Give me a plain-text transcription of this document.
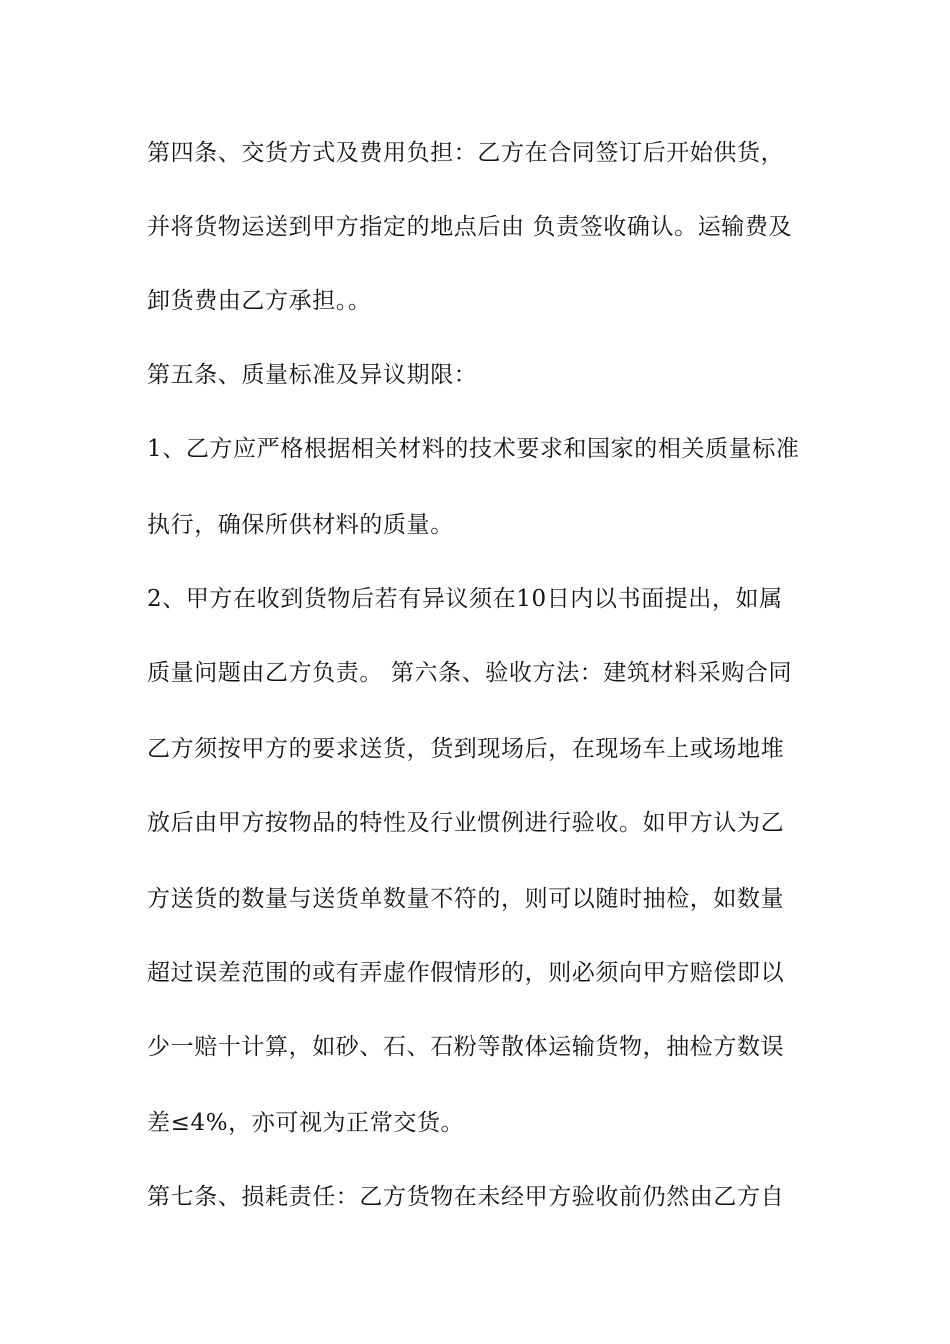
第四条、交货方式及费用负担：乙方在合同签订后开始供货，
并将货物运送到甲方指定的地点后由 负责签收确认。运输费及
卸货费由乙方承担。。
第五条、质量标准及异议期限：
1、乙方应严格根据相关材料的技术要求和国家的相关质量标准
执行，确保所供材料的质量。
2、甲方在收到货物后若有异议须在10日内以书面提出，如属
质量问题由乙方负责。 第六条、验收方法：建筑材料采购合同
乙方须按甲方的要求送货，货到现场后，在现场车上或场地堆
放后由甲方按物品的特性及行业惯例进行验收。如甲方认为乙
方送货的数量与送货单数量不符的，则可以随时抽检，如数量
超过误差范围的或有弄虚作假情形的，则必须向甲方赔偿即以
少一赔十计算，如砂、石、石粉等散体运输货物，抽检方数误
差≤4%，亦可视为正常交货。
第七条、损耗责任：乙方货物在未经甲方验收前仍然由乙方自
